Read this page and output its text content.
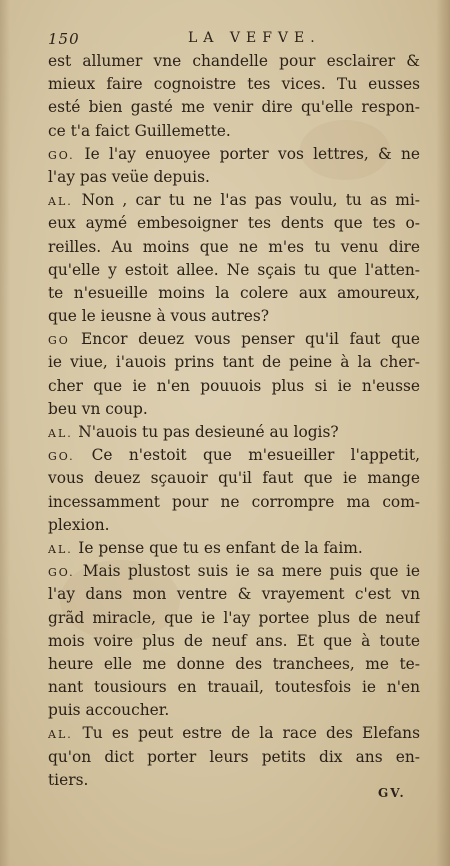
150	LA VEFVE.
est allumer vne chandelle pour esclairer &
mieux faire cognoistre tes vices. Tu eusses
esté bien gasté me venir dire qu'elle respon-
ce t'a faict Guillemette.
GO. Ie l'ay enuoyee porter vos lettres, & ne
l'ay pas veüe depuis.
AL. Non , car tu ne l'as pas voulu, tu as mi-
eux aymé embesoigner tes dents que tes o-
reilles. Au moins que ne m'es tu venu dire
qu'elle y estoit allee. Ne sçais tu que l'atten-
te n'esueille moins la colere aux amoureux,
que le ieusne à vous autres?
GO Encor deuez vous penser qu'il faut que
ie viue, i'auois prins tant de peine à la cher-
cher que ie n'en pouuois plus si ie n'eusse
beu vn coup.
AL. N'auois tu pas desieuné au logis?
GO. Ce n'estoit que m'esueiller l'appetit,
vous deuez sçauoir qu'il faut que ie mange
incessamment pour ne corrompre ma com-
plexion.
AL. Ie pense que tu es enfant de la faim.
GO. Mais plustost suis ie sa mere puis que ie
l'ay dans mon ventre & vrayement c'est vn
grãd miracle, que ie l'ay portee plus de neuf
mois voire plus de neuf ans. Et que à toute
heure elle me donne des tranchees, me te-
nant tousiours en trauail, toutesfois ie n'en
puis accoucher.
AL. Tu es peut estre de la race des Elefans
qu'on dict porter leurs petits dix ans en-
tiers.
GV.
